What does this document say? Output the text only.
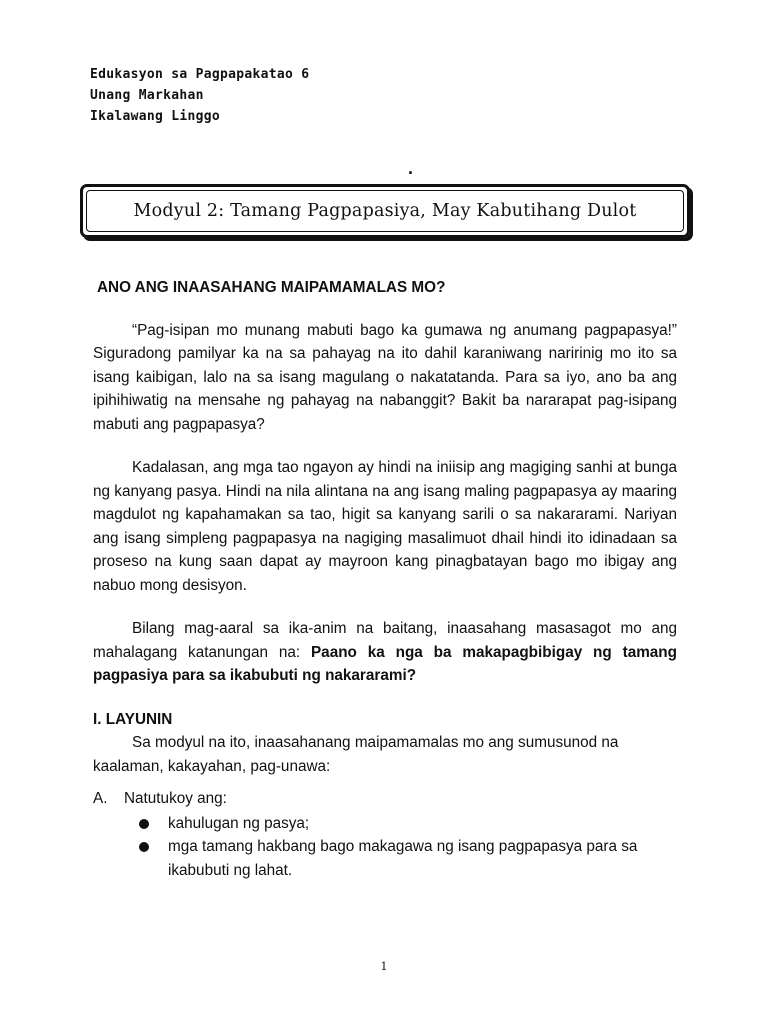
Edukasyon sa Pagpapakatao 6
Unang Markahan
Ikalawang Linggo
.
Modyul 2: Tamang Pagpapasiya, May Kabutihang Dulot
ANO ANG INAASAHANG MAIPAMAMALAS MO?

“Pag-isipan mo munang mabuti bago ka gumawa ng anumang pagpapasya!” Siguradong pamilyar ka na sa pahayag na ito dahil karaniwang naririnig mo ito sa isang kaibigan, lalo na sa isang magulang o nakatatanda. Para sa iyo, ano ba ang ipihihiwatig na mensahe ng pahayag na nabanggit? Bakit ba nararapat pag-isipang mabuti ang pagpapasya?

Kadalasan, ang mga tao ngayon ay hindi na iniisip ang magiging sanhi at bunga ng kanyang pasya. Hindi na nila alintana na ang isang maling pagpapasya ay maaring magdulot ng kapahamakan sa tao, higit sa kanyang sarili o sa nakararami. Nariyan ang isang simpleng pagpapasya na nagiging masalimuot dhail hindi ito idinadaan sa proseso na kung saan dapat ay mayroon kang pinagbatayan bago mo ibigay ang nabuo mong desisyon.

Bilang mag-aaral sa ika-anim na baitang, inaasahang masasagot mo ang mahalagang katanungan na: Paano ka nga ba makapagbibigay ng tamang pagpasiya para sa ikabubuti ng nakararami?

I. LAYUNIN

Sa modyul na ito, inaasahanang maipamamalas mo ang sumusunod na kaalaman, kakayahan, pag-unawa:

A.	Natutukoy ang:
kahulugan ng pasya;
mga tamang hakbang bago makagawa ng isang pagpapasya para sa ikabubuti ng lahat.
1
